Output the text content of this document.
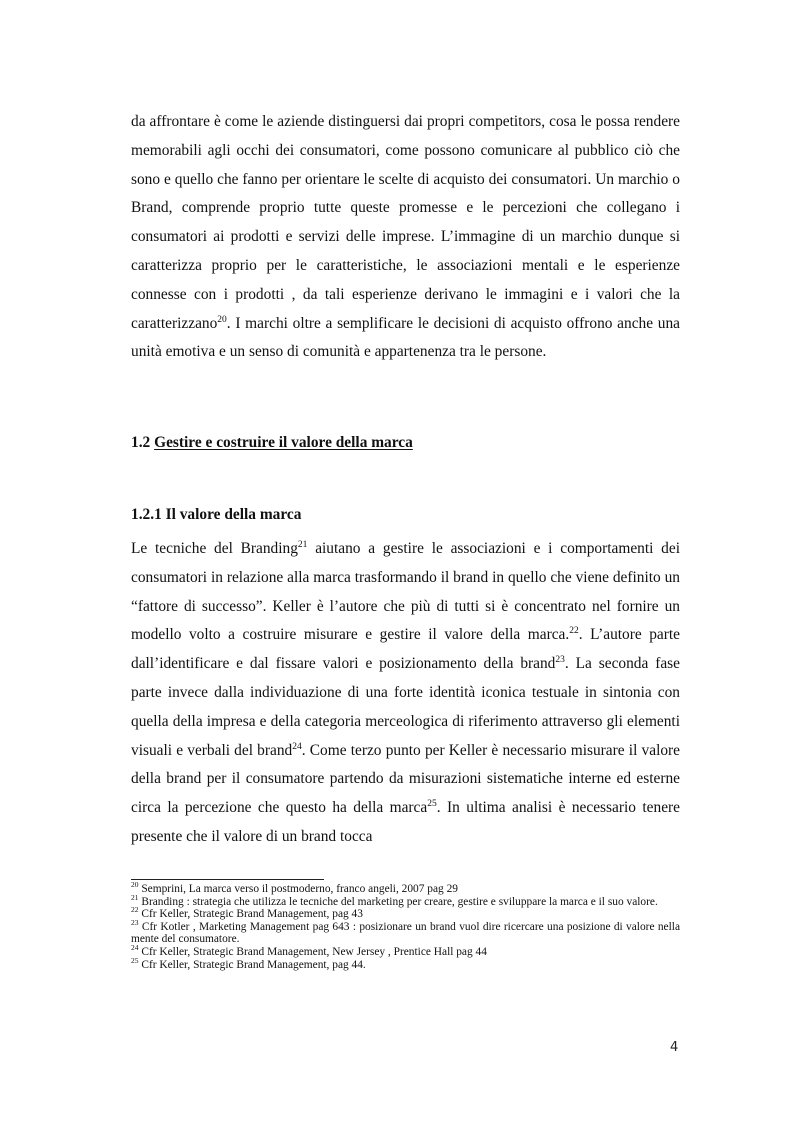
da affrontare è come le aziende distinguersi dai propri competitors, cosa le possa rendere memorabili agli occhi dei consumatori, come possono comunicare al pubblico ciò che sono e quello che fanno per orientare le scelte di acquisto dei consumatori. Un marchio o Brand, comprende proprio tutte queste promesse e le percezioni che collegano i consumatori ai prodotti e servizi delle imprese. L’immagine di un marchio dunque si caratterizza proprio per le caratteristiche, le associazioni mentali e le esperienze connesse con i prodotti , da tali esperienze derivano le immagini e i valori che la caratterizzano$^{20}$. I marchi oltre a semplificare le decisioni di acquisto offrono anche una unità emotiva e un senso di comunità e appartenenza tra le persone.

1.2 Gestire e costruire il valore della marca
1.2.1 Il valore della marca

Le tecniche del Branding$^{21}$ aiutano a gestire le associazioni e i comportamenti dei consumatori in relazione alla marca trasformando il brand in quello che viene definito un “fattore di successo”. Keller è l’autore che più di tutti si è concentrato nel fornire un modello volto a costruire misurare e gestire il valore della marca.$^{22}$. L’autore parte dall’identificare e dal fissare valori e posizionamento della brand$^{23}$. La seconda fase parte invece dalla individuazione di una forte identità iconica testuale in sintonia con quella della impresa e della categoria merceologica di riferimento attraverso gli elementi visuali e verbali del brand$^{24}$. Come terzo punto per Keller è necessario misurare il valore della brand per il consumatore partendo da misurazioni sistematiche interne ed esterne circa la percezione che questo ha della marca$^{25}$. In ultima analisi è necessario tenere presente che il valore di un brand tocca

$^{20}$ Semprini, La marca verso il postmoderno, franco angeli, 2007 pag 29

$^{21}$ Branding : strategia che utilizza le tecniche del marketing per creare, gestire e sviluppare la marca e il suo valore.

$^{22}$ Cfr Keller, Strategic Brand Management, pag 43

$^{23}$ Cfr Kotler , Marketing Management pag 643 : posizionare un brand vuol dire ricercare una posizione di valore nella mente del consumatore.

$^{24}$ Cfr Keller, Strategic Brand Management, New Jersey , Prentice Hall pag 44

$^{25}$ Cfr Keller, Strategic Brand Management, pag 44.

4
